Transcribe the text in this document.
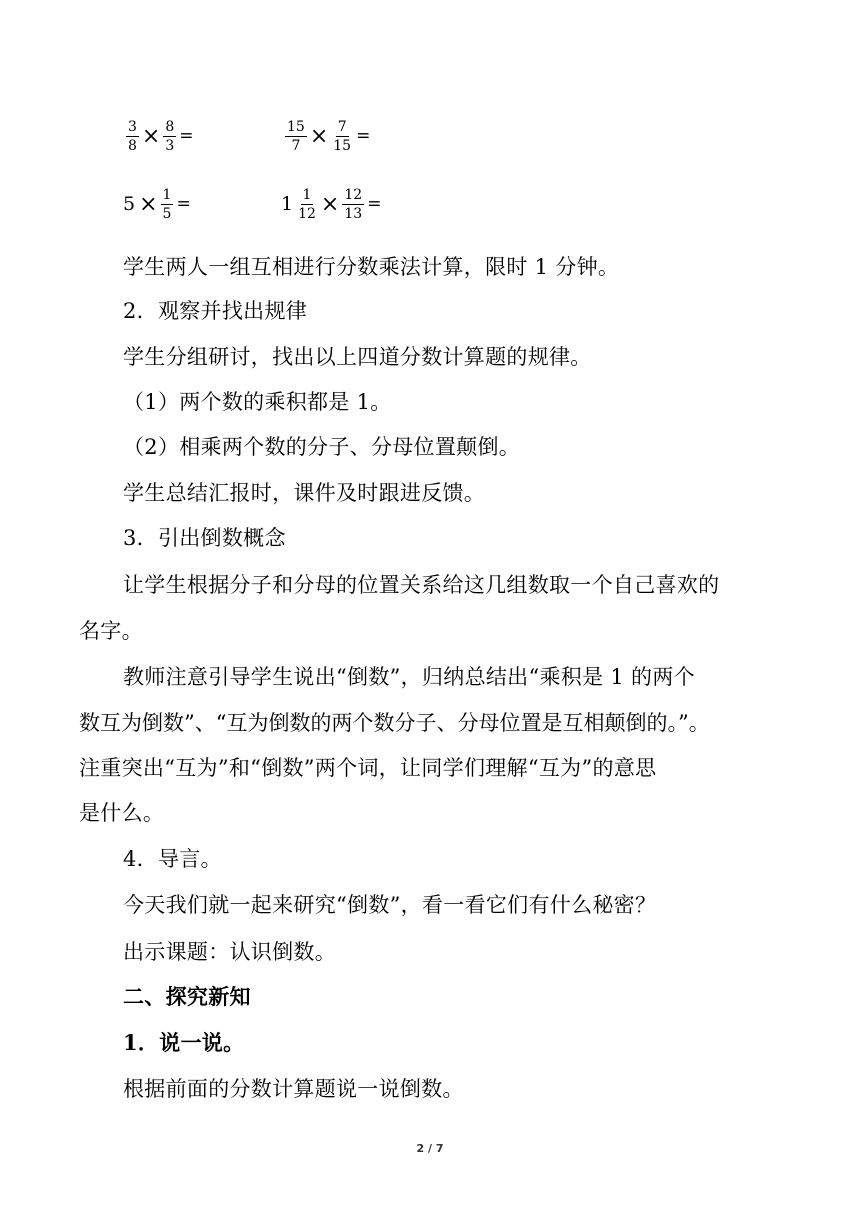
$\frac{3}{8} \times \frac{8}{3}$ =	$\frac{15}{7} \times \frac{7}{15}$ =
$5 \times \frac{1}{5}$ =	$1 \frac{1}{12} \times \frac{12}{13}$ =
学生两人一组互相进行分数乘法计算，限时 1 分钟。
2．观察并找出规律
学生分组研讨，找出以上四道分数计算题的规律。
（1）两个数的乘积都是 1。
（2）相乘两个数的分子、分母位置颠倒。
学生总结汇报时，课件及时跟进反馈。
3．引出倒数概念
让学生根据分子和分母的位置关系给这几组数取一个自己喜欢的
名字。
教师注意引导学生说出“倒数”，归纳总结出“乘积是 1 的两个
数互为倒数”、“互为倒数的两个数分子、分母位置是互相颠倒的。”。
注重突出“互为”和“倒数”两个词，让同学们理解“互为”的意思
是什么。
4．导言。
今天我们就一起来研究“倒数”，看一看它们有什么秘密？
出示课题：认识倒数。
二、探究新知
1．说一说。
根据前面的分数计算题说一说倒数。
2 / 7
